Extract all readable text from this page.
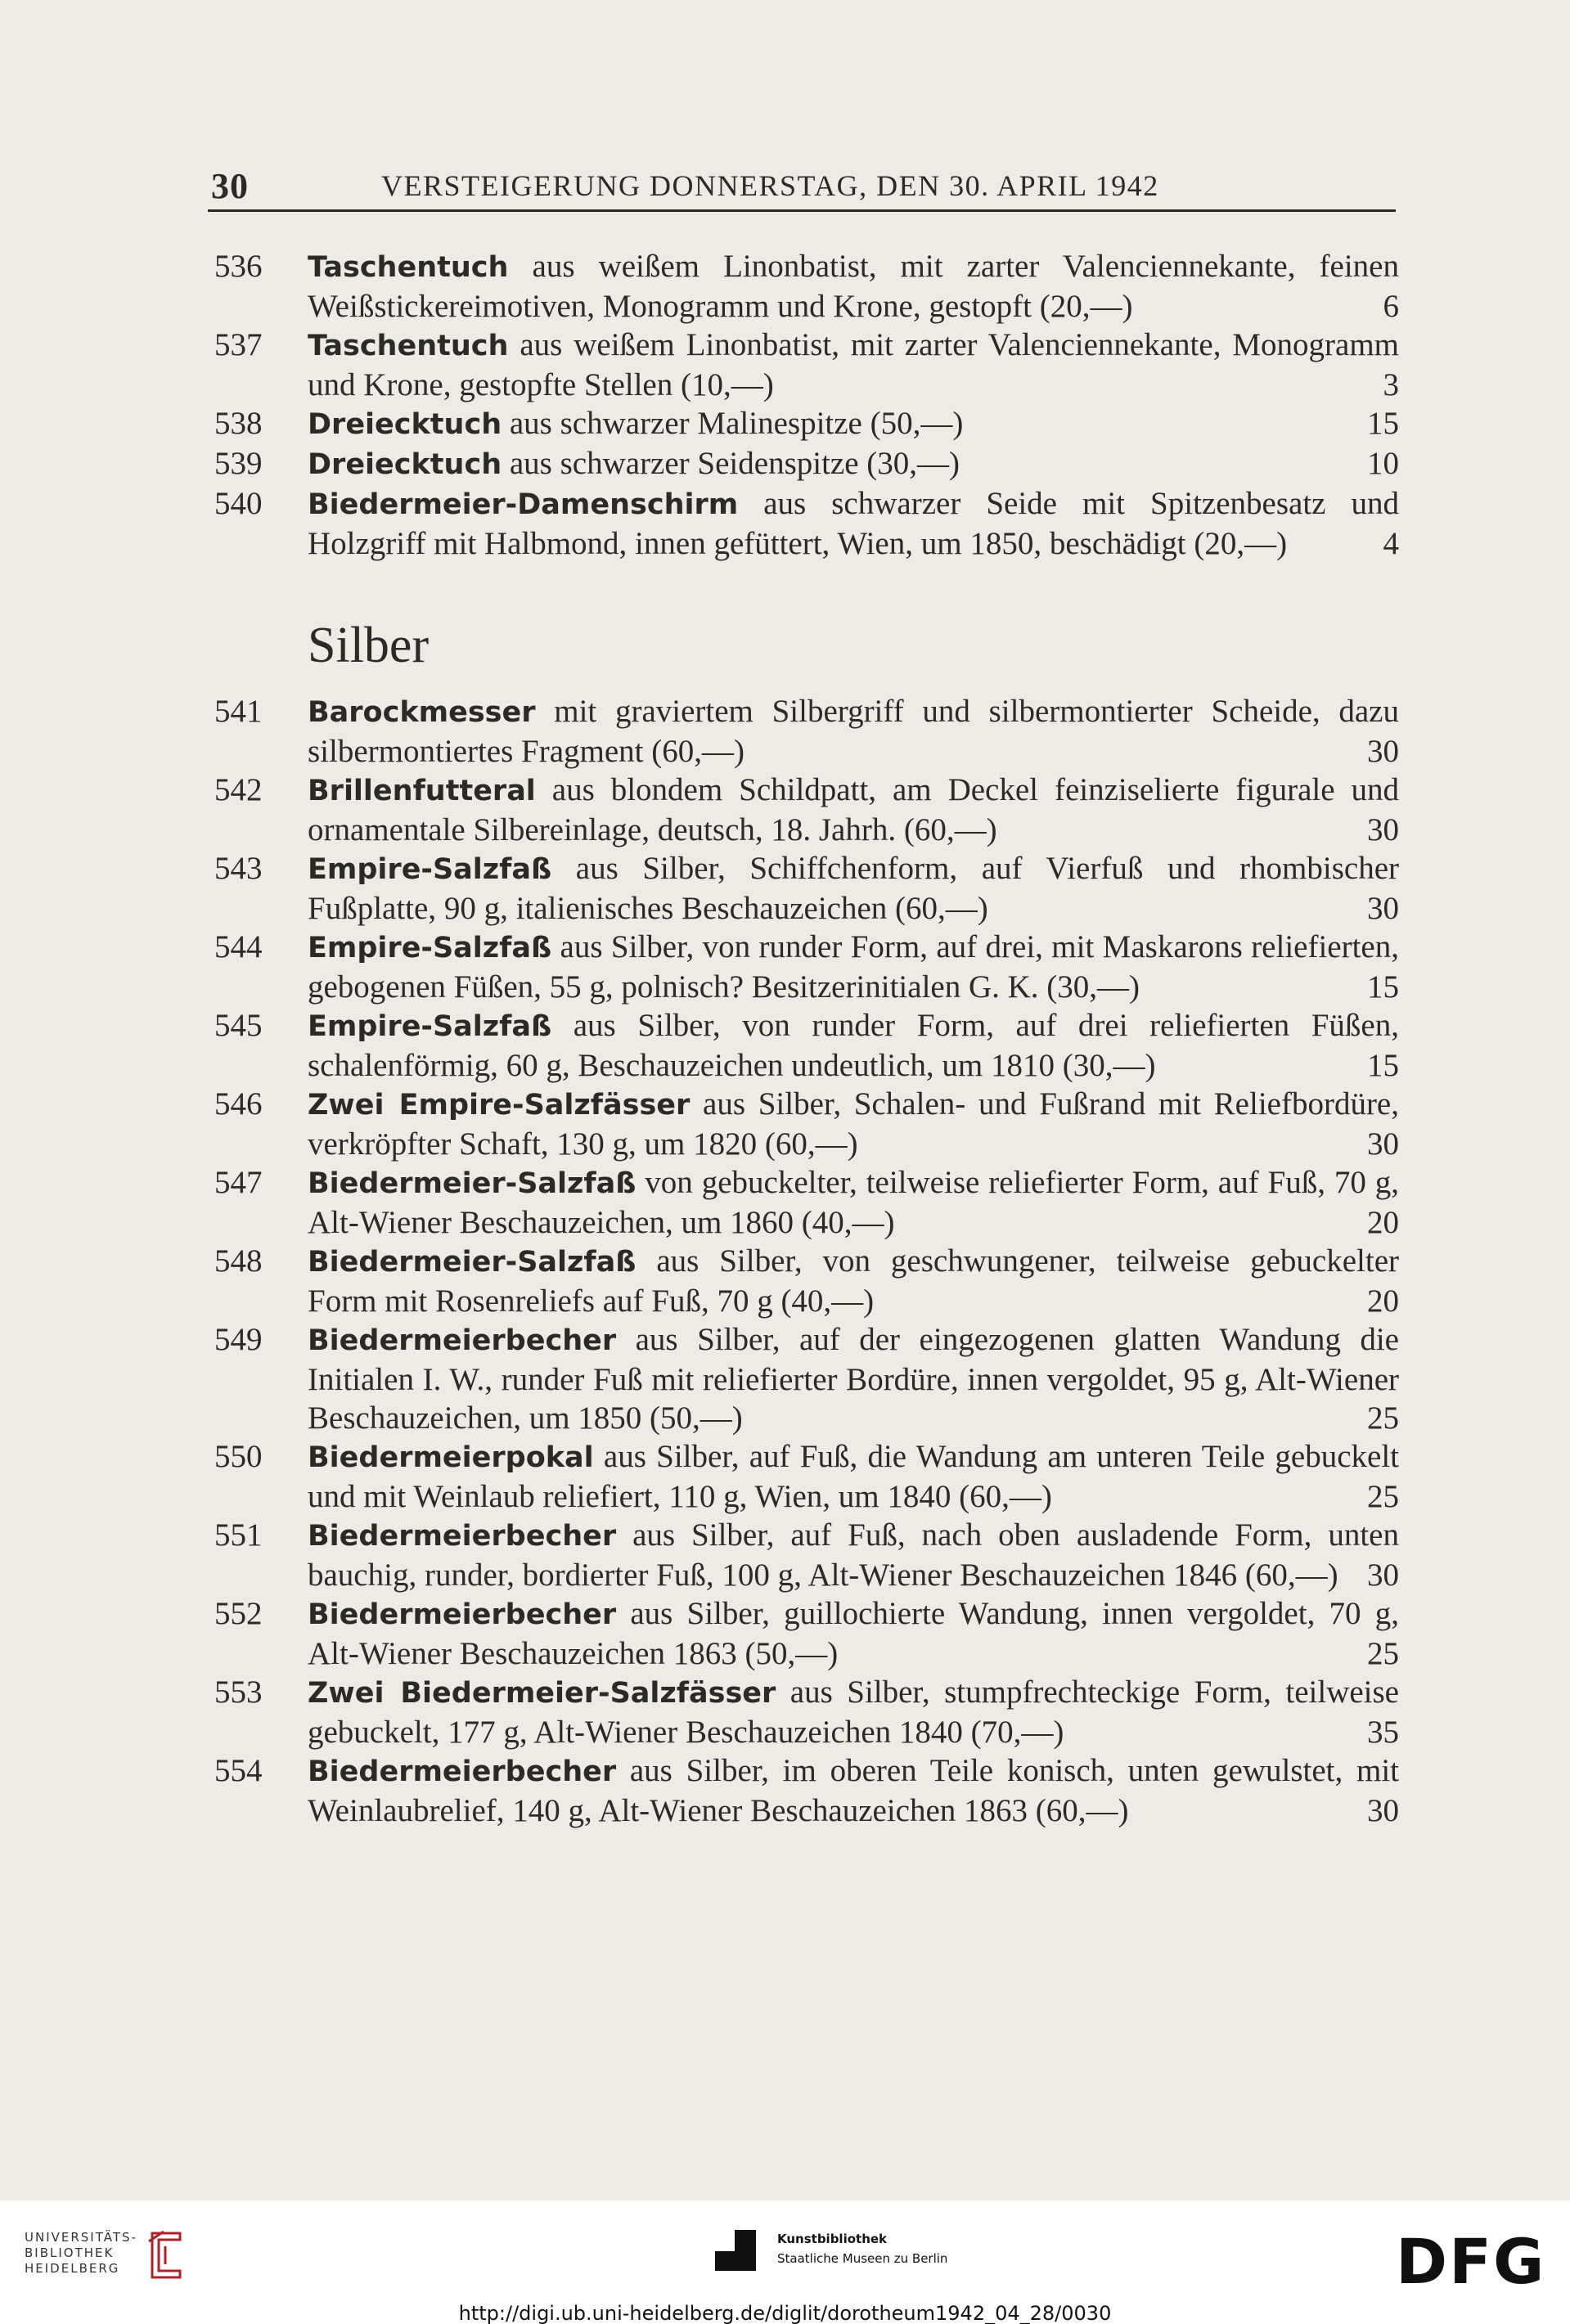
30	VERSTEIGERUNG DONNERSTAG, DEN 30. APRIL 1942
536 Taschentuch aus weißem Linonbatist, mit zarter Valenciennekante, feinen Weißstickereimotiven, Monogramm und Krone, gestopft (20,—)	6
537 Taschentuch aus weißem Linonbatist, mit zarter Valenciennekante, Monogramm und Krone, gestopfte Stellen (10,—)	3
538 Dreiecktuch aus schwarzer Malinespitze (50,—)	15
539 Dreiecktuch aus schwarzer Seidenspitze (30,—)	10
540 Biedermeier-Damenschirm aus schwarzer Seide mit Spitzenbesatz und Holzgriff mit Halbmond, innen gefüttert, Wien, um 1850, beschädigt (20,—)	4
Silber
541 Barockmesser mit graviertem Silbergriff und silbermontierter Scheide, dazu silbermontiertes Fragment (60,—)	30
542 Brillenfutteral aus blondem Schildpatt, am Deckel feinziselierte figurale und ornamentale Silbereinlage, deutsch, 18. Jahrh. (60,—)	30
543 Empire-Salzfaß aus Silber, Schiffchenform, auf Vierfuß und rhombischer Fußplatte, 90 g, italienisches Beschauzeichen (60,—)	30
544 Empire-Salzfaß aus Silber, von runder Form, auf drei, mit Maskarons reliefierten, gebogenen Füßen, 55 g, polnisch? Besitzerinitialen G. K. (30,—)	15
545 Empire-Salzfaß aus Silber, von runder Form, auf drei reliefierten Füßen, schalenförmig, 60 g, Beschauzeichen undeutlich, um 1810 (30,—)	15
546 Zwei Empire-Salzfässer aus Silber, Schalen- und Fußrand mit Reliefbordüre, verkröpfter Schaft, 130 g, um 1820 (60,—)	30
547 Biedermeier-Salzfaß von gebuckelter, teilweise reliefierter Form, auf Fuß, 70 g, Alt-Wiener Beschauzeichen, um 1860 (40,—)	20
548 Biedermeier-Salzfaß aus Silber, von geschwungener, teilweise gebuckelter Form mit Rosenreliefs auf Fuß, 70 g (40,—)	20
549 Biedermeierbecher aus Silber, auf der eingezogenen glatten Wandung die Initialen I. W., runder Fuß mit reliefierter Bordüre, innen vergoldet, 95 g, Alt-Wiener Beschauzeichen, um 1850 (50,—)	25
550 Biedermeierpokal aus Silber, auf Fuß, die Wandung am unteren Teile gebuckelt und mit Weinlaub reliefiert, 110 g, Wien, um 1840 (60,—)	25
551 Biedermeierbecher aus Silber, auf Fuß, nach oben ausladende Form, unten bauchig, runder, bordierter Fuß, 100 g, Alt-Wiener Beschauzeichen 1846 (60,—) 30
552 Biedermeierbecher aus Silber, guillochierte Wandung, innen vergoldet, 70 g, Alt-Wiener Beschauzeichen 1863 (50,—)	25
553 Zwei Biedermeier-Salzfässer aus Silber, stumpfrechteckige Form, teilweise gebuckelt, 177 g, Alt-Wiener Beschauzeichen 1840 (70,—)	35
554 Biedermeierbecher aus Silber, im oberen Teile konisch, unten gewulstet, mit Weinlaubrelief, 140 g, Alt-Wiener Beschauzeichen 1863 (60,—)	30
UNIVERSITÄTS-
BIBLIOTHEK
HEIDELBERG
Kunstbibliothek
Staatliche Museen zu Berlin	DFG
http://digi.ub.uni-heidelberg.de/diglit/dorotheum1942_04_28/0030
